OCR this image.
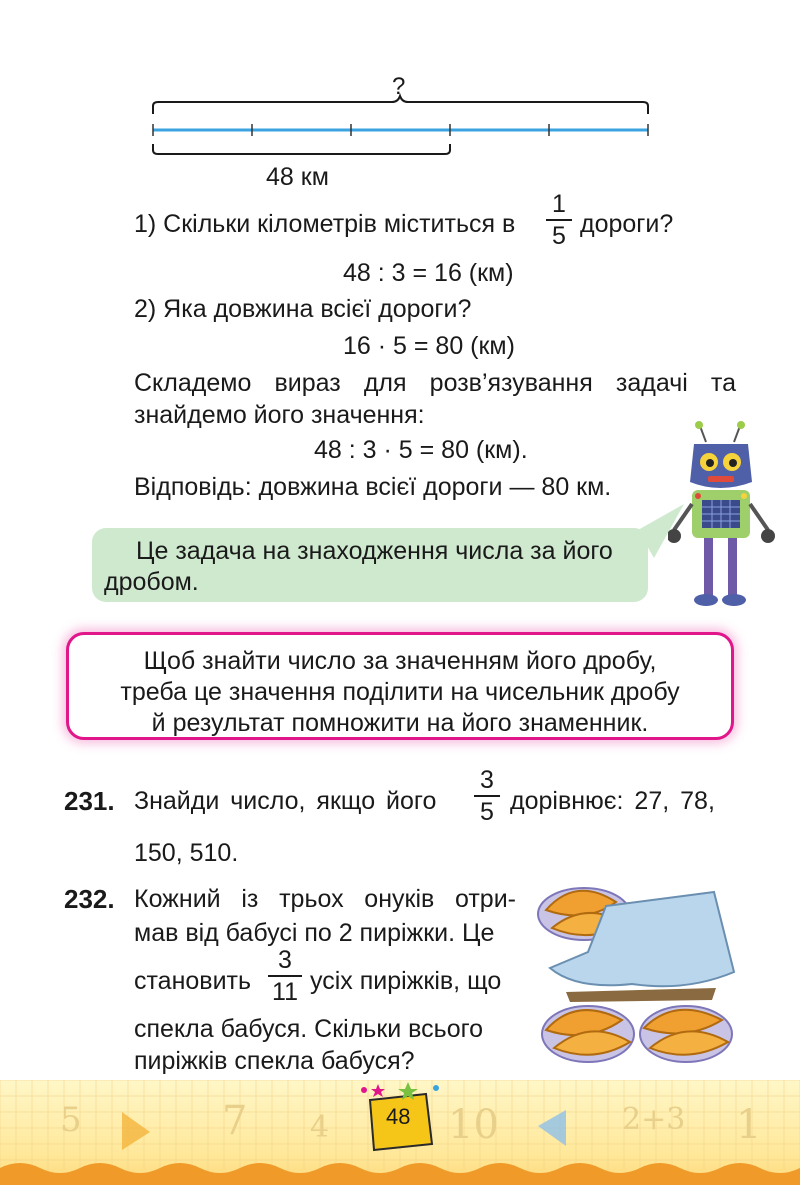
?
48 км
1) Скільки кілометрів міститься в
1
5 дороги?
48 : 3 = 16 (км)
2) Яка довжина всієї дороги?
16 · 5 = 80 (км)
Складемо вираз для розв’язування задачі та
знайдемо його значення:
48 : 3 · 5 = 80 (км).
Відповідь: довжина всієї дороги — 80 км.
Це задача на знаходження числа за його
дробом.
Щоб знайти число за значенням його дробу,
треба це значення поділити на чисельник дробу
й результат помножити на його знаменник.
231. Знайди число, якщо його
3
5 дорівнює: 27, 78,
150, 510.
232. Кожний із трьох онуків отри-
мав від бабусі по 2 пиріжки. Це
становить
3
11 усіх пиріжків, що
спекла бабуся. Скільки всього
пиріжків спекла бабуся?
5	7 4	10	2+3 1
48
